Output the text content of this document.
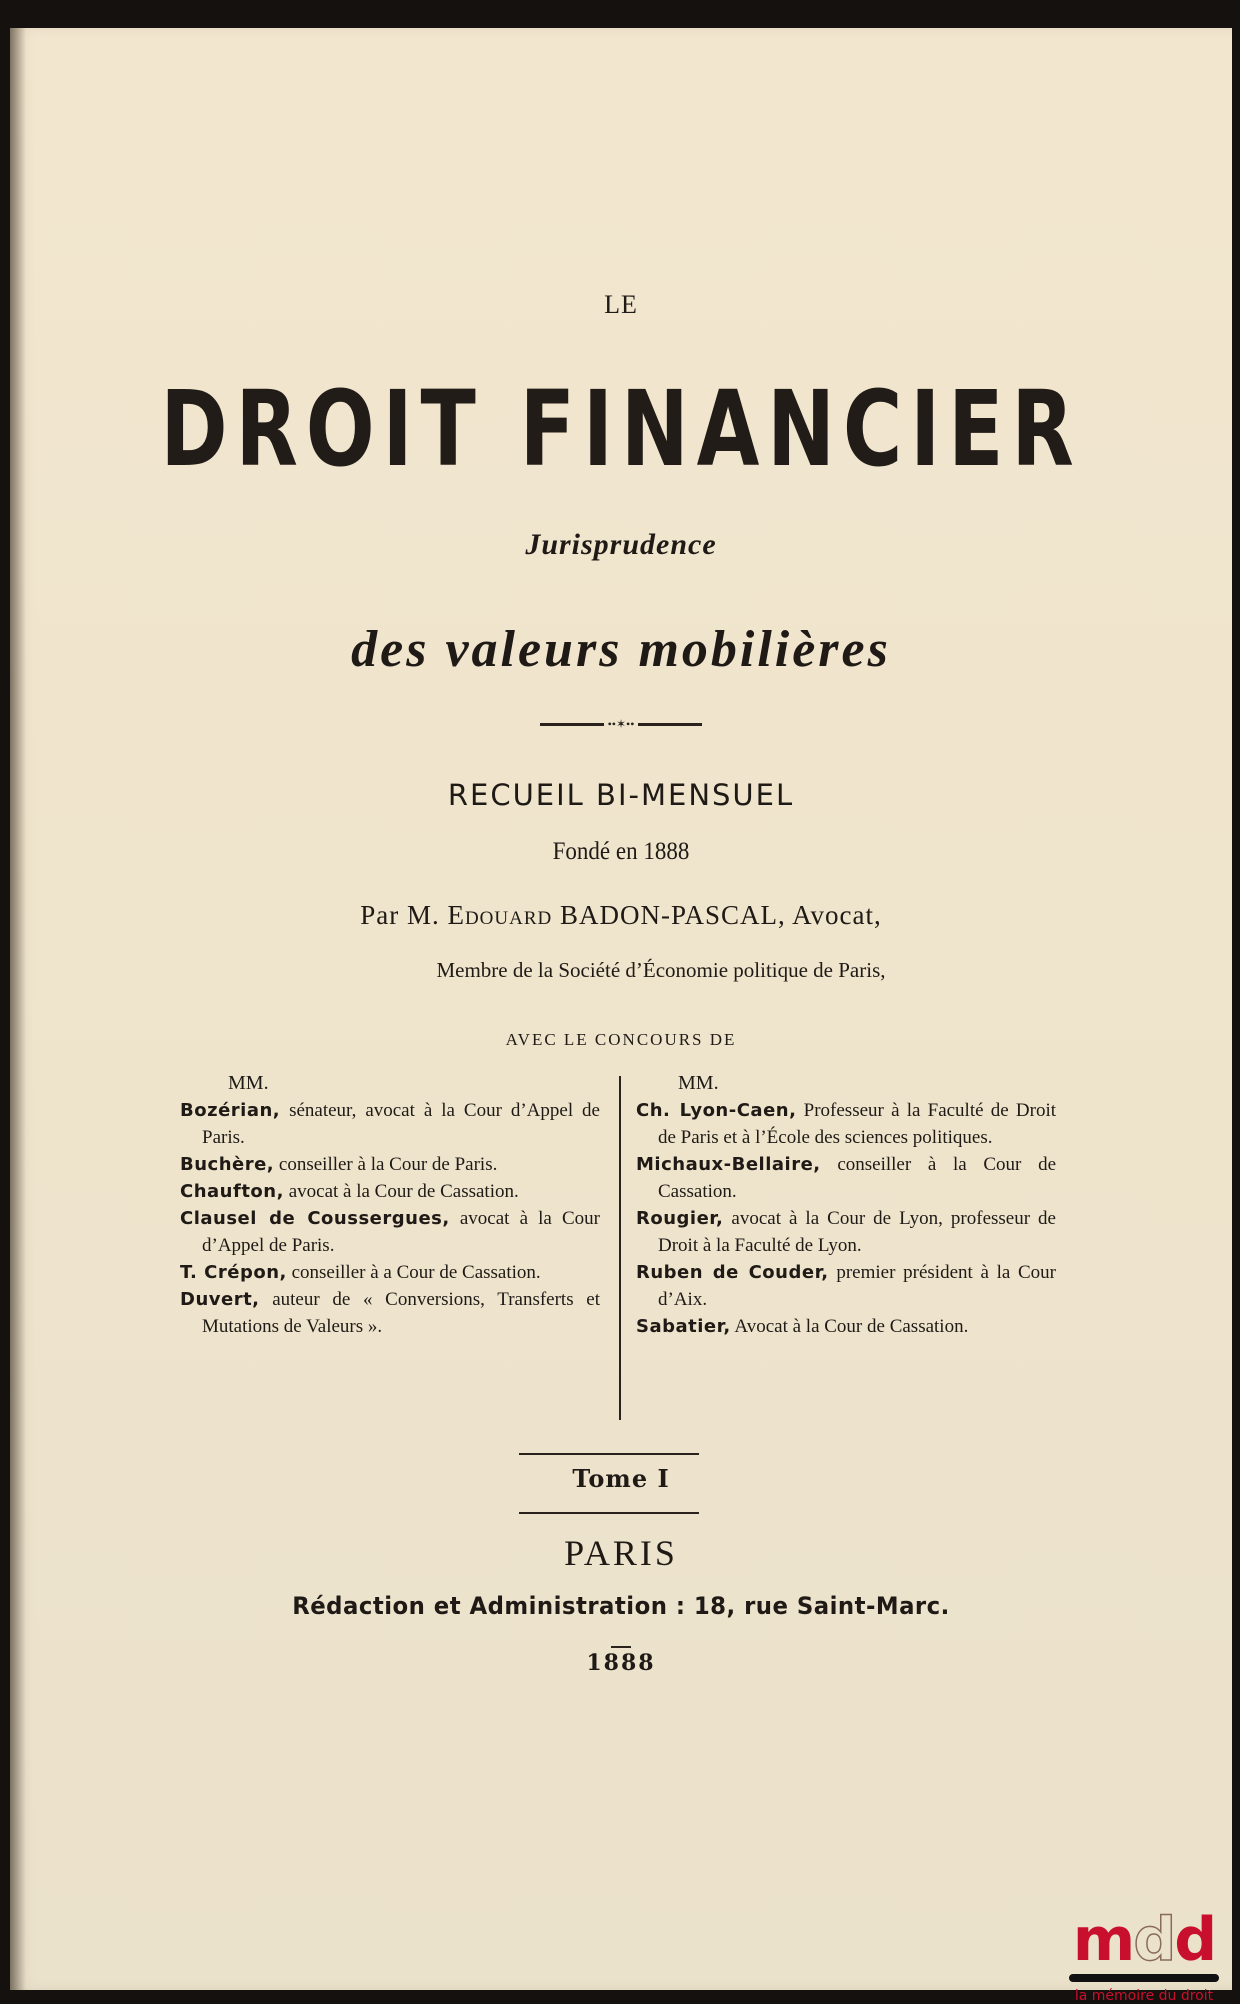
LE
DROIT FINANCIER
Jurisprudence
des valeurs mobilières
••✶••
RECUEIL BI-MENSUEL
Fondé en 1888
Par M. Edouard BADON-PASCAL, Avocat,
Membre de la Société d’Économie politique de Paris,
AVEC LE CONCOURS DE
MM.

Bozérian, sénateur, avocat à la Cour d’Appel de Paris.

Buchère, conseiller à la Cour de Paris.

Chaufton, avocat à la Cour de Cassation.

Clausel de Coussergues, avocat à la Cour d’Appel de Paris.

T. Crépon, conseiller à a Cour de Cassation.

Duvert, auteur de « Conversions, Transferts et Mutations de Valeurs ».

MM.

Ch. Lyon-Caen, Professeur à la Faculté de Droit de Paris et à l’École des sciences politiques.

Michaux-Bellaire, conseiller à la Cour de Cassation.

Rougier, avocat à la Cour de Lyon, professeur de Droit à la Faculté de Lyon.

Ruben de Couder, premier président à la Cour d’Aix.

Sabatier, Avocat à la Cour de Cassation.

Tome I
PARIS
Rédaction et Administration : 18, rue Saint-Marc.
1888
mdd
la mémoire du droit
